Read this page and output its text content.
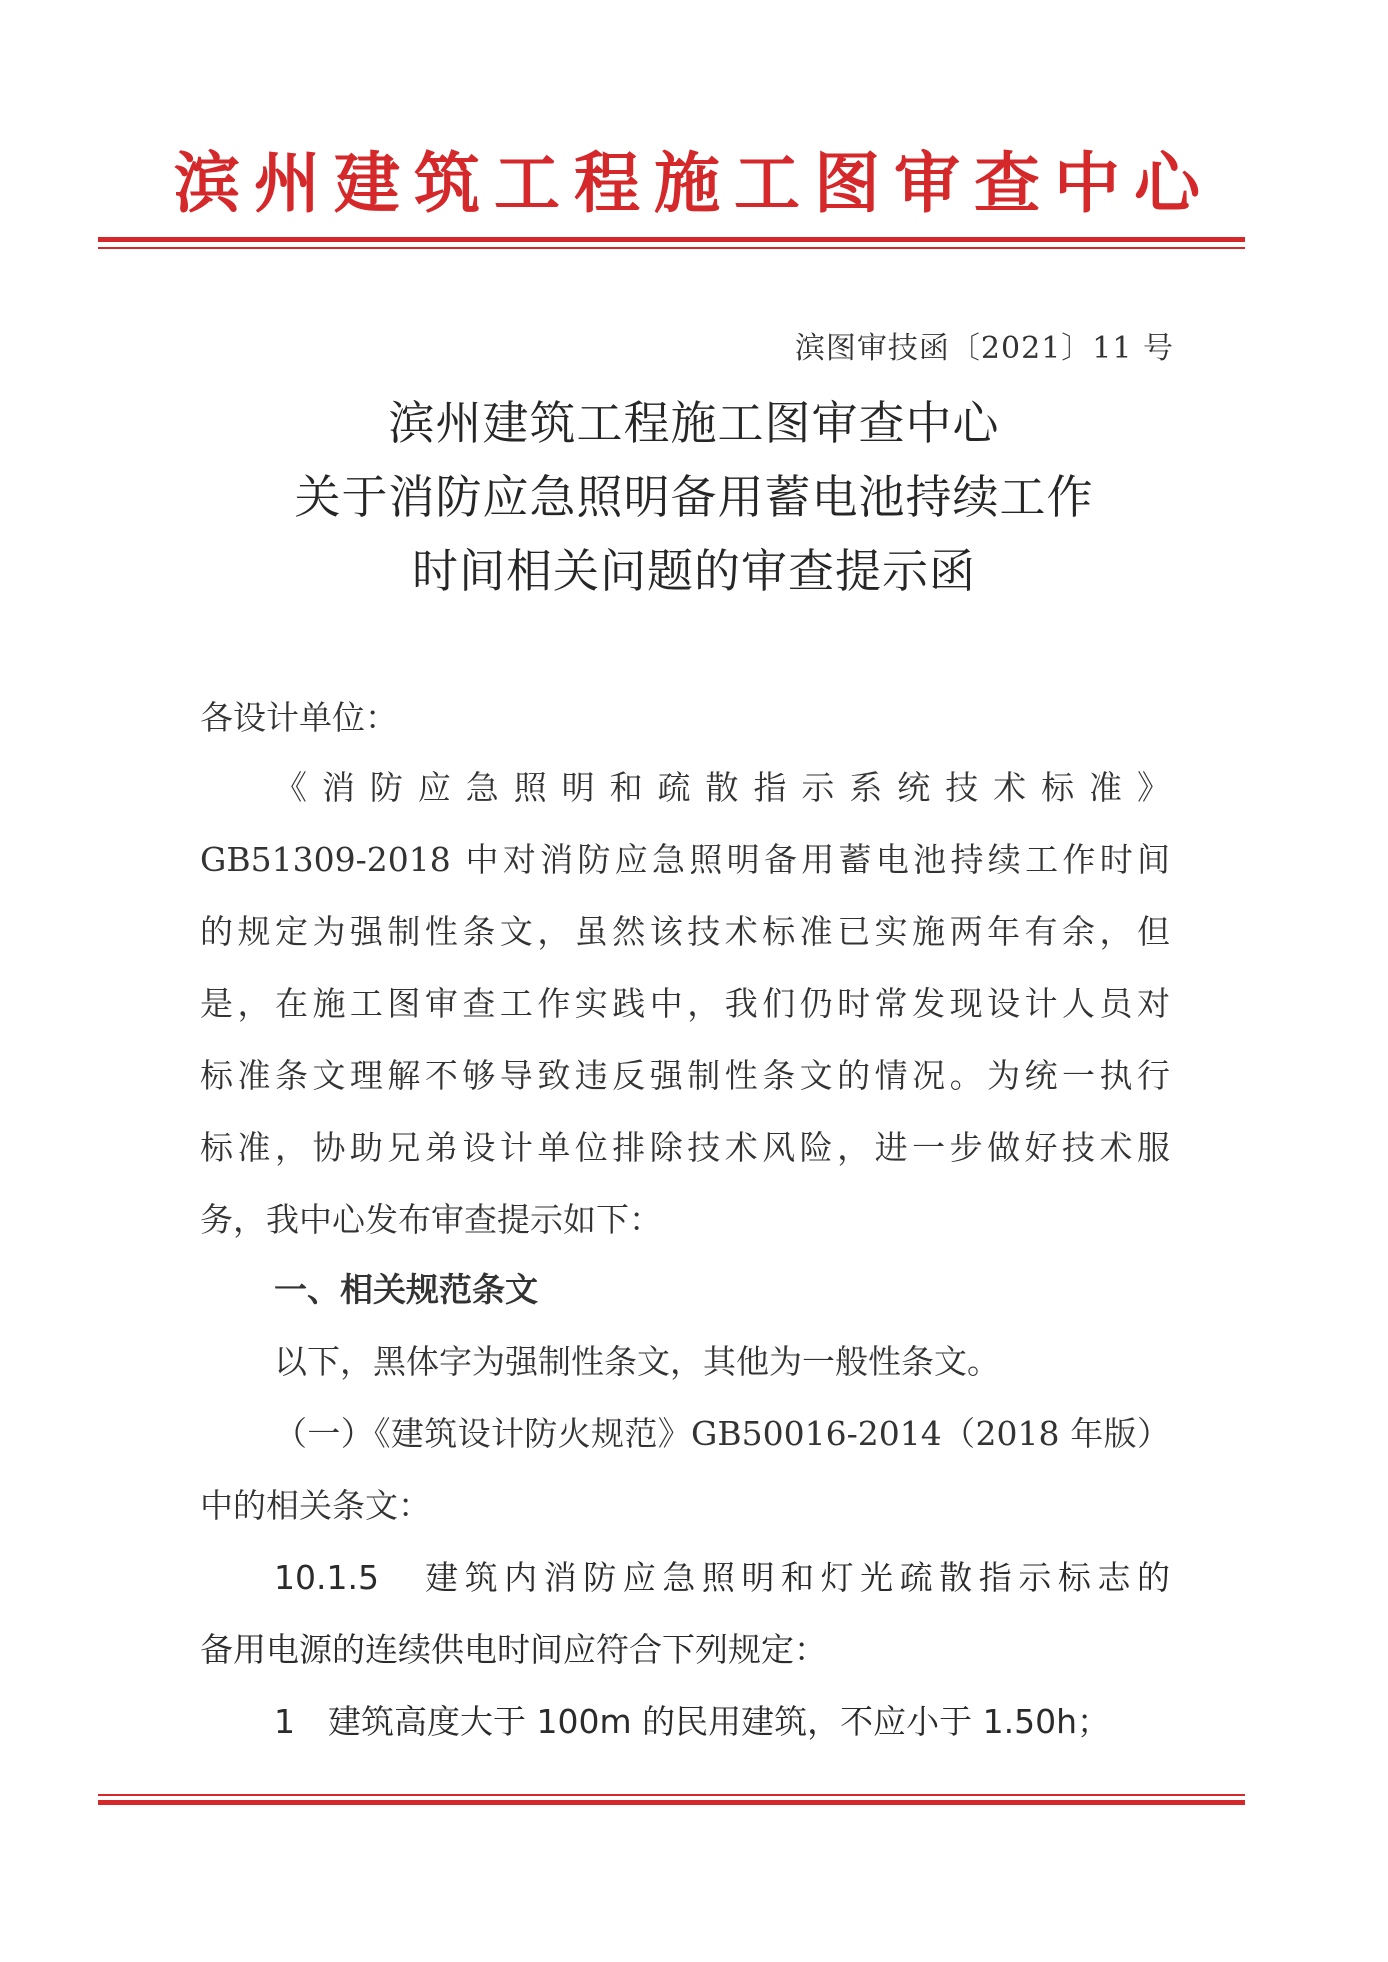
滨州建筑工程施工图审查中心
滨图审技函〔2021〕11 号
滨州建筑工程施工图审查中心
关于消防应急照明备用蓄电池持续工作
时间相关问题的审查提示函
各设计单位：
《消防应急照明和疏散指示系统技术标准》
GB51309-2018 中对消防应急照明备用蓄电池持续工作时间
的规定为强制性条文，虽然该技术标准已实施两年有余，但
是，在施工图审查工作实践中，我们仍时常发现设计人员对
标准条文理解不够导致违反强制性条文的情况。为统一执行
标准，协助兄弟设计单位排除技术风险，进一步做好技术服
务，我中心发布审查提示如下：
一、相关规范条文
以下，黑体字为强制性条文，其他为一般性条文。
（一）《建筑设计防火规范》GB50016-2014（2018 年版）
中的相关条文：
10.1.5　建筑内消防应急照明和灯光疏散指示标志的
备用电源的连续供电时间应符合下列规定：
1　建筑高度大于 100m 的民用建筑，不应小于 1.50h；
